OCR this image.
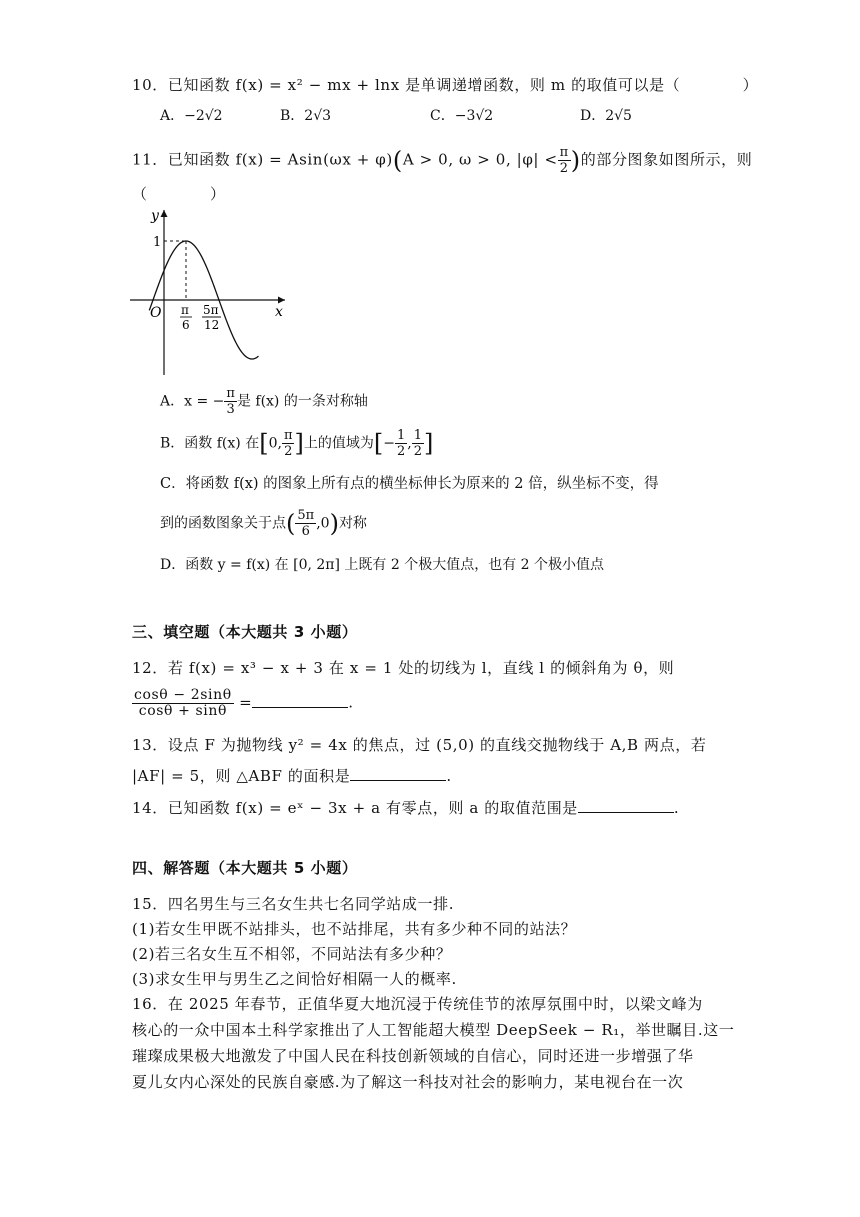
10．已知函数 f(x) = x² − mx + lnx 是单调递增函数，则 m 的取值可以是（　　　　）
A．−2√2	B．2√3	C．−3√2	D．2√5
11．已知函数 f(x) = Asin(ωx + φ)(A > 0, ω > 0, $|\varphi| < \frac{\pi}{2}$ )的部分图象如图所示，则
（　　　　）
y
x
O
1
π
6
5π
12
A．x = − $\frac{\pi}{3}$ 是 f(x) 的一条对称轴
B．函数 f(x) 在[0, $\frac{\pi}{2}$ ]上的值域为[− $\frac{1}{2}$ , $\frac{1}{2}$ ]
C．将函数 f(x) 的图象上所有点的横坐标伸长为原来的 2 倍，纵坐标不变，得
到的函数图象关于点( $\frac{5\pi}{6} ,0$)对称
D．函数 y = f(x) 在 [0, 2π] 上既有 2 个极大值点，也有 2 个极小值点
三、填空题（本大题共 3 小题）
12．若 f(x) = x³ − x + 3 在 x = 1 处的切线为 l，直线 l 的倾斜角为 θ，则
$\frac{\cos\theta - 2\sin\theta}{\cos\theta + \sin\theta}$ =	.
13．设点 F 为抛物线 y² = 4x 的焦点，过 (5,0) 的直线交抛物线于 A,B 两点，若
|AF| = 5，则 △ABF 的面积是	.
14．已知函数 f(x) = eˣ − 3x + a 有零点，则 a 的取值范围是	.
四、解答题（本大题共 5 小题）
15．四名男生与三名女生共七名同学站成一排.
(1)若女生甲既不站排头，也不站排尾，共有多少种不同的站法？
(2)若三名女生互不相邻，不同站法有多少种？
(3)求女生甲与男生乙之间恰好相隔一人的概率.
16．在 2025 年春节，正值华夏大地沉浸于传统佳节的浓厚氛围中时，以梁文峰为
核心的一众中国本土科学家推出了人工智能超大模型 DeepSeek − R₁，举世瞩目.这一
璀璨成果极大地激发了中国人民在科技创新领域的自信心，同时还进一步增强了华
夏儿女内心深处的民族自豪感.为了解这一科技对社会的影响力，某电视台在一次
